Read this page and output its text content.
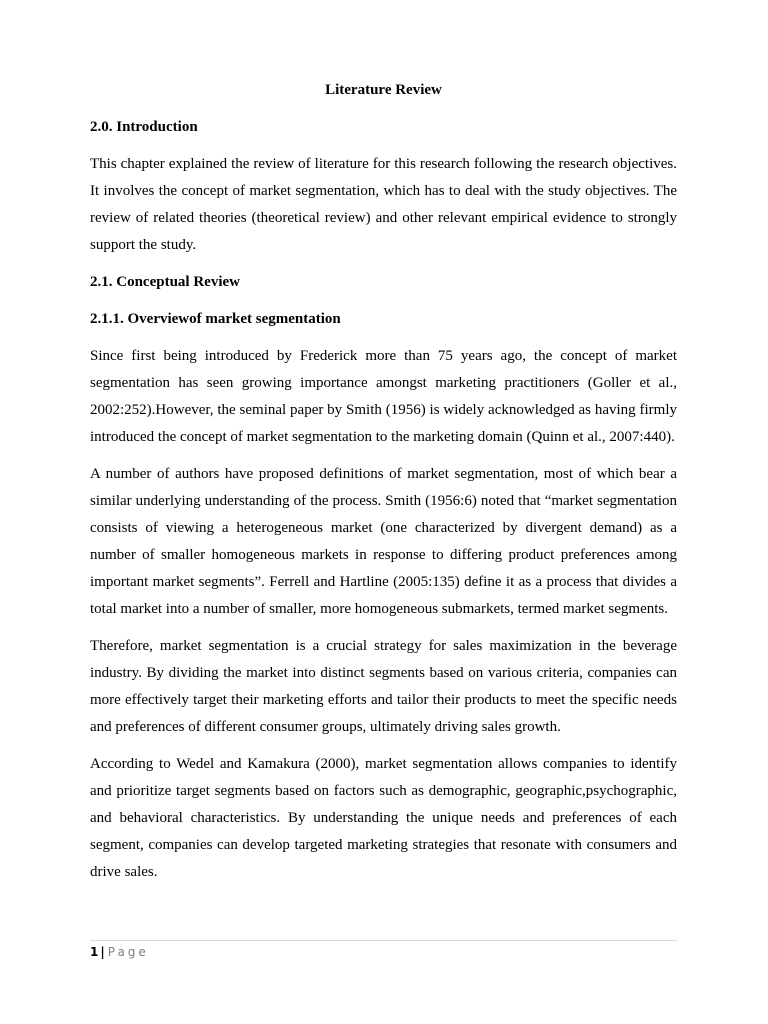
Literature Review
2.0. Introduction

This chapter explained the review of literature for this research following the research objectives. It involves the concept of market segmentation, which has to deal with the study objectives. The review of related theories (theoretical review) and other relevant empirical evidence to strongly support the study.

2.1. Conceptual Review
2.1.1. Overviewof market segmentation

Since first being introduced by Frederick more than 75 years ago, the concept of market segmentation has seen growing importance amongst marketing practitioners (Goller et al., 2002:252).However, the seminal paper by Smith (1956) is widely acknowledged as having firmly introduced the concept of market segmentation to the marketing domain (Quinn et al., 2007:440).

A number of authors have proposed definitions of market segmentation, most of which bear a similar underlying understanding of the process. Smith (1956:6) noted that “market segmentation consists of viewing a heterogeneous market (one characterized by divergent demand) as a number of smaller homogeneous markets in response to differing product preferences among important market segments”. Ferrell and Hartline (2005:135) define it as a process that divides a total market into a number of smaller, more homogeneous submarkets, termed market segments.

Therefore, market segmentation is a crucial strategy for sales maximization in the beverage industry. By dividing the market into distinct segments based on various criteria, companies can more effectively target their marketing efforts and tailor their products to meet the specific needs and preferences of different consumer groups, ultimately driving sales growth.

According to Wedel and Kamakura (2000), market segmentation allows companies to identify and prioritize target segments based on factors such as demographic, geographic,psychographic, and behavioral characteristics. By understanding the unique needs and preferences of each segment, companies can develop targeted marketing strategies that resonate with consumers and drive sales.

1 | Page
